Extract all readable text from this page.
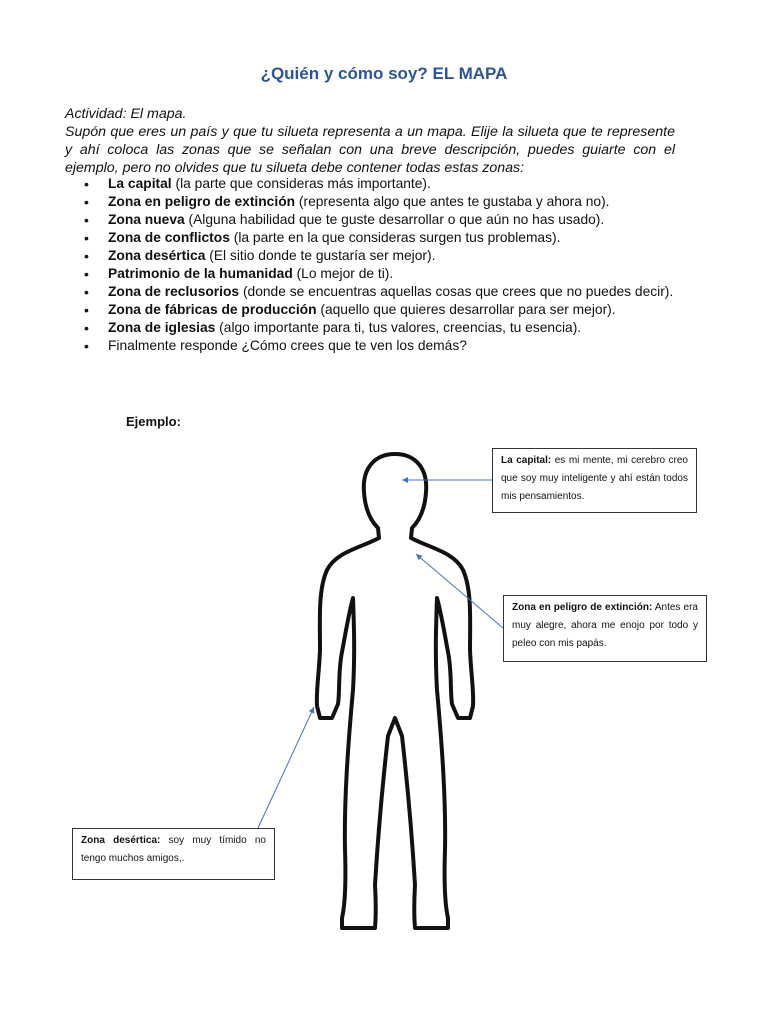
¿Quién y cómo soy? EL MAPA
Actividad: El mapa.
Supón que eres un país y que tu silueta representa a un mapa. Elije la silueta que te represente y ahí coloca las zonas que se señalan con una breve descripción, puedes guiarte con el ejemplo, pero no olvides que tu silueta debe contener todas estas zonas:
• La capital (la parte que consideras más importante).
• Zona en peligro de extinción (representa algo que antes te gustaba y ahora no).
• Zona nueva (Alguna habilidad que te guste desarrollar o que aún no has usado).
• Zona de conflictos (la parte en la que consideras surgen tus problemas).
• Zona desértica (El sitio donde te gustaría ser mejor).
• Patrimonio de la humanidad (Lo mejor de ti).
• Zona de reclusorios (donde se encuentras aquellas cosas que crees que no puedes decir).
• Zona de fábricas de producción (aquello que quieres desarrollar para ser mejor).
• Zona de iglesias (algo importante para ti, tus valores, creencias, tu esencia).
• Finalmente responde ¿Cómo crees que te ven los demás?
Ejemplo:
La capital: es mi mente, mi cerebro creo que soy muy inteligente y ahí están todos mis pensamientos.
Zona en peligro de extinción: Antes era muy alegre, ahora me enojo por todo y peleo con mis papás.
Zona desértica: soy muy tímido no tengo muchos amigos,.
